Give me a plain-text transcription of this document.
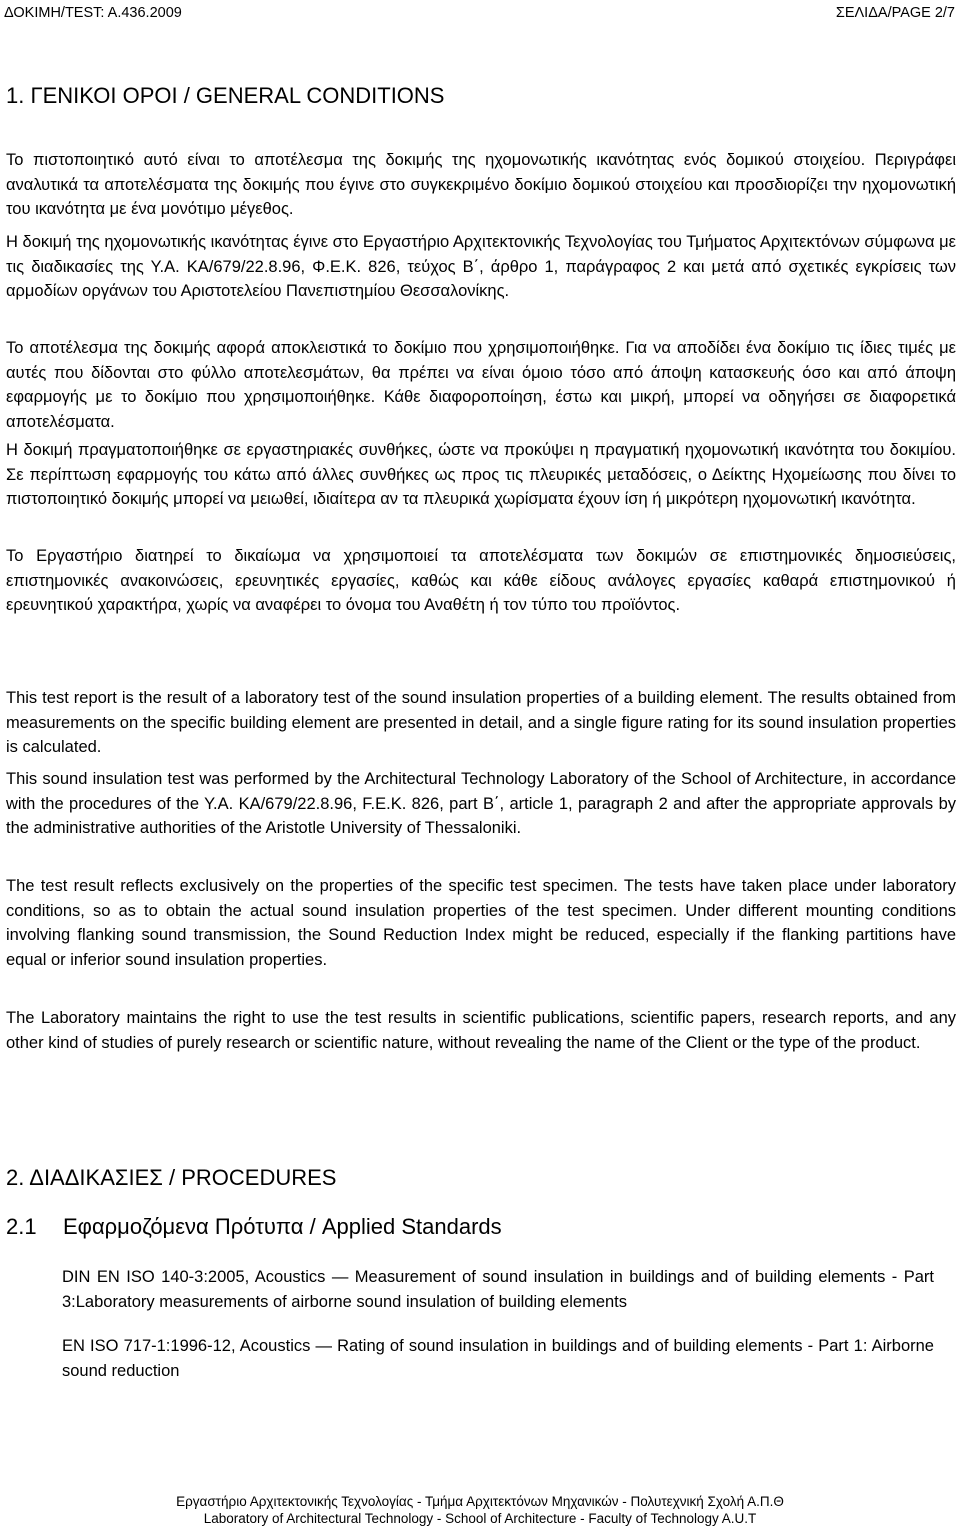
ΔΟΚΙΜΗ/TEST: A.436.2009	ΣΕΛΙΔΑ/PAGE 2/7
1. ΓΕΝΙΚΟΙ ΟΡΟΙ / GENERAL CONDITIONS

Το πιστοποιητικό αυτό είναι το αποτέλεσμα της δοκιμής της ηχομονωτικής ικανότητας ενός δομικού στοιχείου. Περιγράφει αναλυτικά τα αποτελέσματα της δοκιμής που έγινε στο συγκεκριμένο δοκίμιο δομικού στοιχείου και προσδιορίζει την ηχομονωτική του ικανότητα με ένα μονότιμο μέγεθος.

Η δοκιμή της ηχομονωτικής ικανότητας έγινε στο Εργαστήριο Αρχιτεκτονικής Τεχνολογίας του Τμήματος Αρχιτεκτόνων σύμφωνα με τις διαδικασίες της Υ.Α. ΚΑ/679/22.8.96, Φ.Ε.Κ. 826, τεύχος Β΄, άρθρο 1, παράγραφος 2 και μετά από σχετικές εγκρίσεις των αρμοδίων οργάνων του Αριστοτελείου Πανεπιστημίου Θεσσαλονίκης.

Το αποτέλεσμα της δοκιμής αφορά αποκλειστικά το δοκίμιο που χρησιμοποιήθηκε. Για να αποδίδει ένα δοκίμιο τις ίδιες τιμές με αυτές που δίδονται στο φύλλο αποτελεσμάτων, θα πρέπει να είναι όμοιο τόσο από άποψη κατασκευής όσο και από άποψη εφαρμογής με το δοκίμιο που χρησιμοποιήθηκε. Κάθε διαφοροποίηση, έστω και μικρή, μπορεί να οδηγήσει σε διαφορετικά αποτελέσματα.

Η δοκιμή πραγματοποιήθηκε σε εργαστηριακές συνθήκες, ώστε να προκύψει η πραγματική ηχομονωτική ικανότητα του δοκιμίου. Σε περίπτωση εφαρμογής του κάτω από άλλες συνθήκες ως προς τις πλευρικές μεταδόσεις, ο Δείκτης Ηχομείωσης που δίνει το πιστοποιητικό δοκιμής μπορεί να μειωθεί, ιδιαίτερα αν τα πλευρικά χωρίσματα έχουν ίση ή μικρότερη ηχομονωτική ικανότητα.

Το Εργαστήριο διατηρεί το δικαίωμα να χρησιμοποιεί τα αποτελέσματα των δοκιμών σε επιστημονικές δημοσιεύσεις, επιστημονικές ανακοινώσεις, ερευνητικές εργασίες, καθώς και κάθε είδους ανάλογες εργασίες καθαρά επιστημονικού ή ερευνητικού χαρακτήρα, χωρίς να αναφέρει το όνομα του Αναθέτη ή τον τύπο του προϊόντος.

This test report is the result of a laboratory test of the sound insulation properties of a building element. The results obtained from measurements on the specific building element are presented in detail, and a single figure rating for its sound insulation properties is calculated.

This sound insulation test was performed by the Architectural Technology Laboratory of the School of Architecture, in accordance with the procedures of the Y.A. KA/679/22.8.96, F.E.K. 826, part B΄, article 1, paragraph 2 and after the appropriate approvals by the administrative authorities of the Aristotle University of Thessaloniki.

The test result reflects exclusively on the properties of the specific test specimen. The tests have taken place under laboratory conditions, so as to obtain the actual sound insulation properties of the test specimen. Under different mounting conditions involving flanking sound transmission, the Sound Reduction Index might be reduced, especially if the flanking partitions have equal or inferior sound insulation properties.

The Laboratory maintains the right to use the test results in scientific publications, scientific papers, research reports, and any other kind of studies of purely research or scientific nature, without revealing the name of the Client or the type of the product.

2. ΔΙΑΔΙΚΑΣΙΕΣ / PROCEDURES
2.1 Εφαρμοζόμενα Πρότυπα / Applied Standards

DIN EN ISO 140-3:2005, Acoustics — Measurement of sound insulation in buildings and of building elements - Part 3:Laboratory measurements of airborne sound insulation of building elements

EN ISO 717-1:1996-12, Acoustics — Rating of sound insulation in buildings and of building elements - Part 1: Airborne sound reduction

Εργαστήριο Αρχιτεκτονικής Τεχνολογίας - Τμήμα Αρχιτεκτόνων Μηχανικών - Πολυτεχνική Σχολή Α.Π.Θ
Laboratory of Architectural Technology - School of Architecture - Faculty of Technology A.U.T
